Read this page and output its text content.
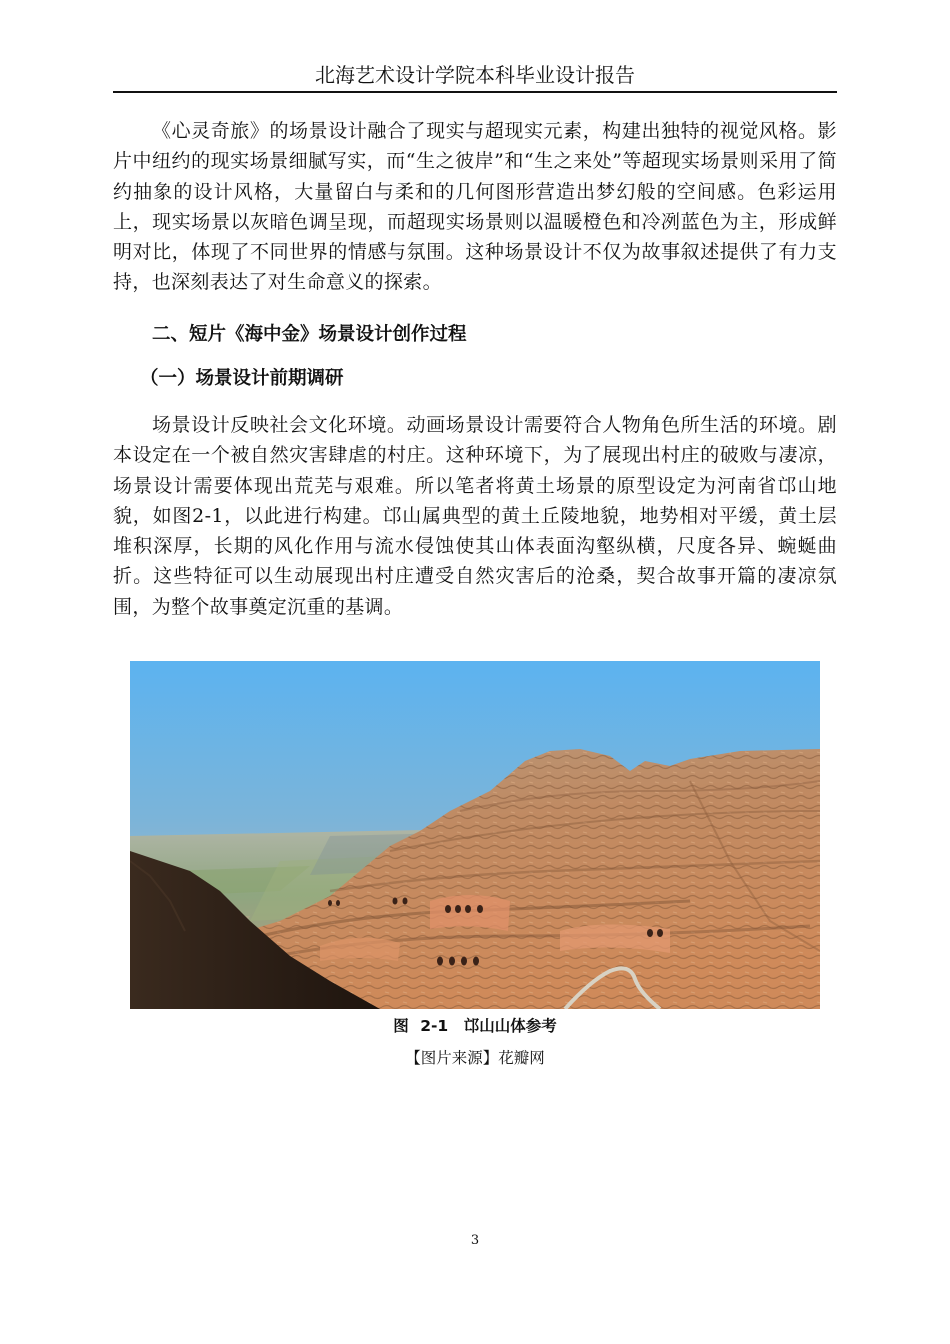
北海艺术设计学院本科毕业设计报告

《心灵奇旅》的场景设计融合了现实与超现实元素，构建出独特的视觉风格。影片中纽约的现实场景细腻写实，而“生之彼岸”和“生之来处”等超现实场景则采用了简约抽象的设计风格，大量留白与柔和的几何图形营造出梦幻般的空间感。色彩运用上，现实场景以灰暗色调呈现，而超现实场景则以温暖橙色和冷冽蓝色为主，形成鲜明对比，体现了不同世界的情感与氛围。这种场景设计不仅为故事叙述提供了有力支持，也深刻表达了对生命意义的探索。

二、短片《海中金》场景设计创作过程
（一）场景设计前期调研

场景设计反映社会文化环境。动画场景设计需要符合人物角色所生活的环境。剧本设定在一个被自然灾害肆虐的村庄。这种环境下，为了展现出村庄的破败与凄凉，场景设计需要体现出荒芜与艰难。所以笔者将黄土场景的原型设定为河南省邙山地貌，如图2-1，以此进行构建。邙山属典型的黄土丘陵地貌，地势相对平缓，黄土层堆积深厚，长期的风化作用与流水侵蚀使其山体表面沟壑纵横，尺度各异、蜿蜒曲折。这些特征可以生动展现出村庄遭受自然灾害后的沧桑，契合故事开篇的凄凉氛围，为整个故事奠定沉重的基调。

图 2-1　邙山山体参考
【图片来源】花瓣网
3
